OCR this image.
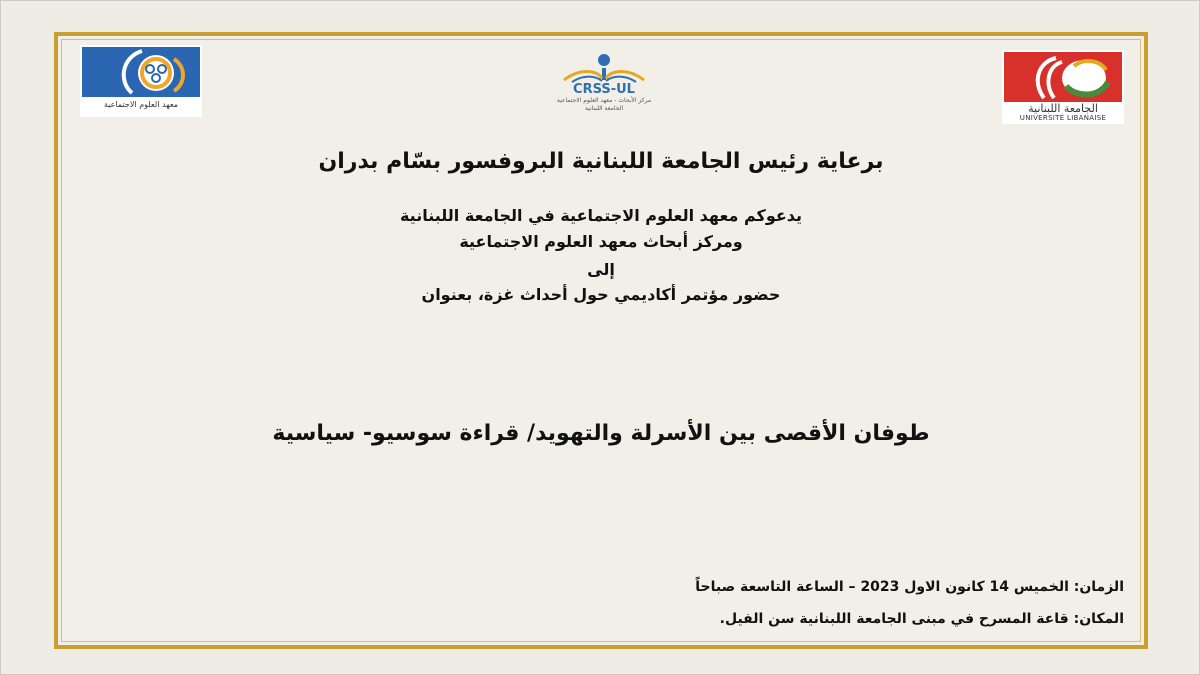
الجامعة اللبنانية
UNIVERSITÉ LIBANAISE
CRSS-UL
مركز الأبحاث - معهد العلوم الاجتماعية
الجامعة اللبنانية
معهد العلوم الاجتماعية
برعاية رئيس الجامعة اللبنانية البروفسور بسّام بدران
يدعوكم معهد العلوم الاجتماعية في الجامعة اللبنانية
ومركز أبحاث معهد العلوم الاجتماعية
إلى
حضور مؤتمر أكاديمي حول أحداث غزة، بعنوان
طوفان الأقصى بين الأسرلة والتهويد/ قراءة سوسيو- سياسية
الزمان: الخميس 14 كانون الاول 2023 – الساعة التاسعة صباحاً
المكان: قاعة المسرح في مبنى الجامعة اللبنانية سن الفيل.
